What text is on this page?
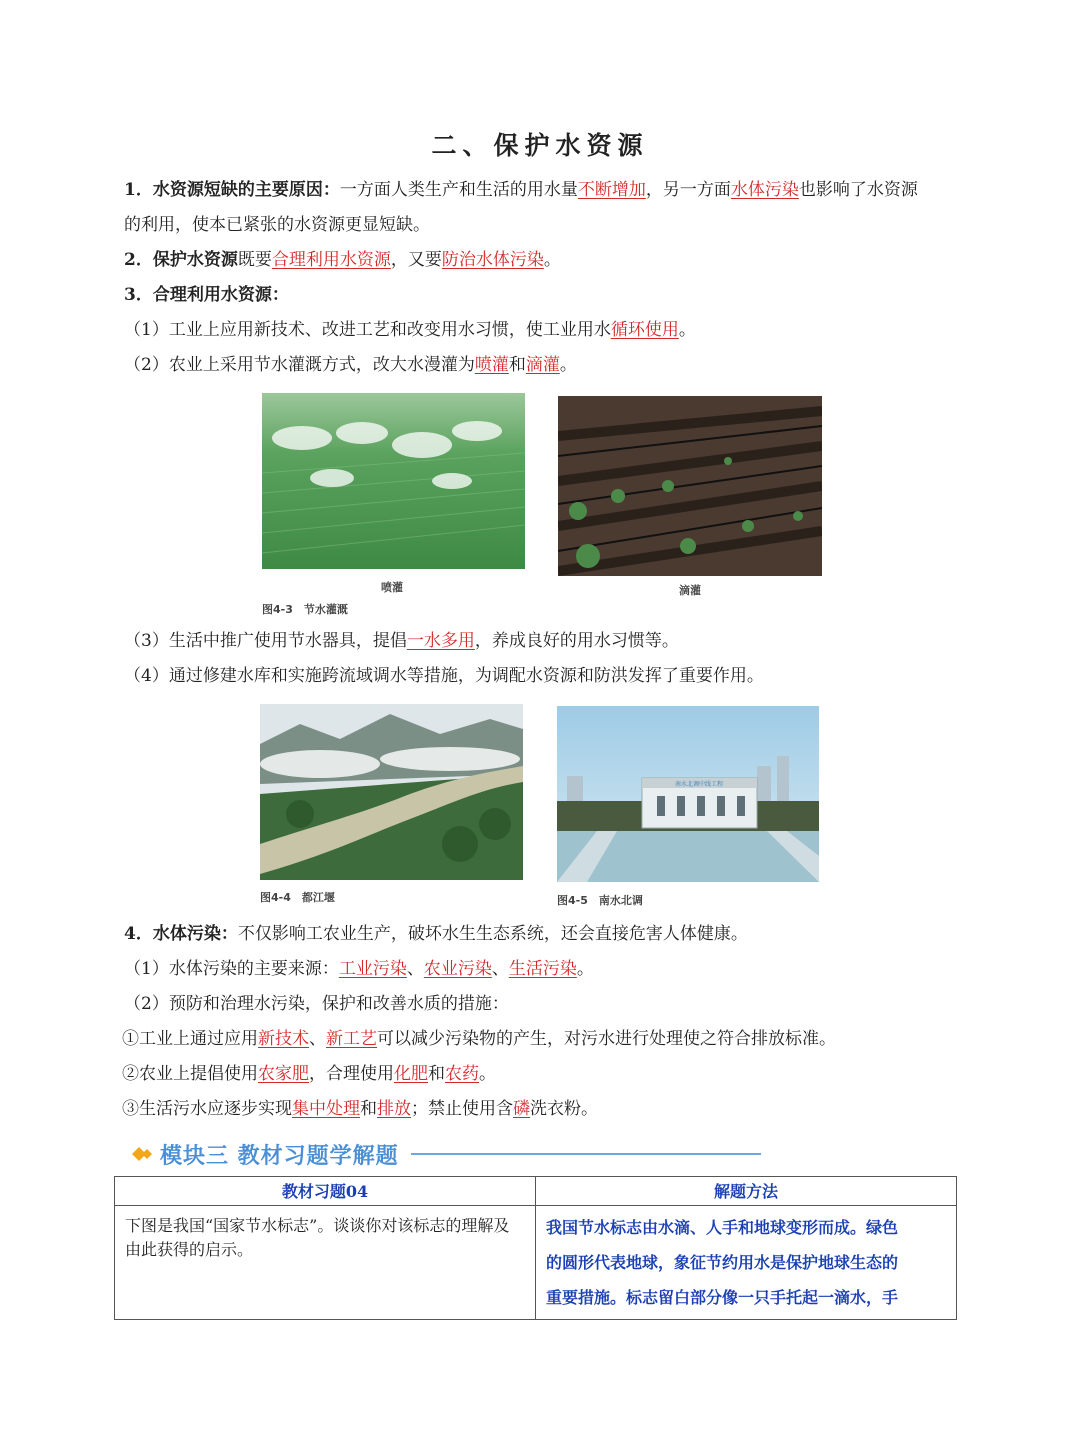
二、保护水资源
1．水资源短缺的主要原因：一方面人类生产和生活的用水量不断增加，另一方面水体污染也影响了水资源
的利用，使本已紧张的水资源更显短缺。
2．保护水资源既要合理利用水资源，又要防治水体污染。
3．合理利用水资源：
（1）工业上应用新技术、改进工艺和改变用水习惯，使工业用水循环使用。
（2）农业上采用节水灌溉方式，改大水漫灌为喷灌和滴灌。
喷灌	滴灌
图4-3　节水灌溉
（3）生活中推广使用节水器具，提倡一水多用，养成良好的用水习惯等。
（4）通过修建水库和实施跨流域调水等措施，为调配水资源和防洪发挥了重要作用。
南水北调中线工程
图4-4　都江堰	图4-5　南水北调
4．水体污染：不仅影响工农业生产，破坏水生生态系统，还会直接危害人体健康。
（1）水体污染的主要来源：工业污染、农业污染、生活污染。
（2）预防和治理水污染，保护和改善水质的措施：
①工业上通过应用新技术、新工艺可以减少污染物的产生，对污水进行处理使之符合排放标准。
②农业上提倡使用农家肥，合理使用化肥和农药。
③生活污水应逐步实现集中处理和排放；禁止使用含磷洗衣粉。
模块三 教材习题学解题
教材习题04	解题方法
下图是我国“国家节水标志”。谈谈你对该标志的理解及由此获得的启示。	我国节水标志由水滴、人手和地球变形而成。绿色
的圆形代表地球，象征节约用水是保护地球生态的
重要措施。标志留白部分像一只手托起一滴水，手
